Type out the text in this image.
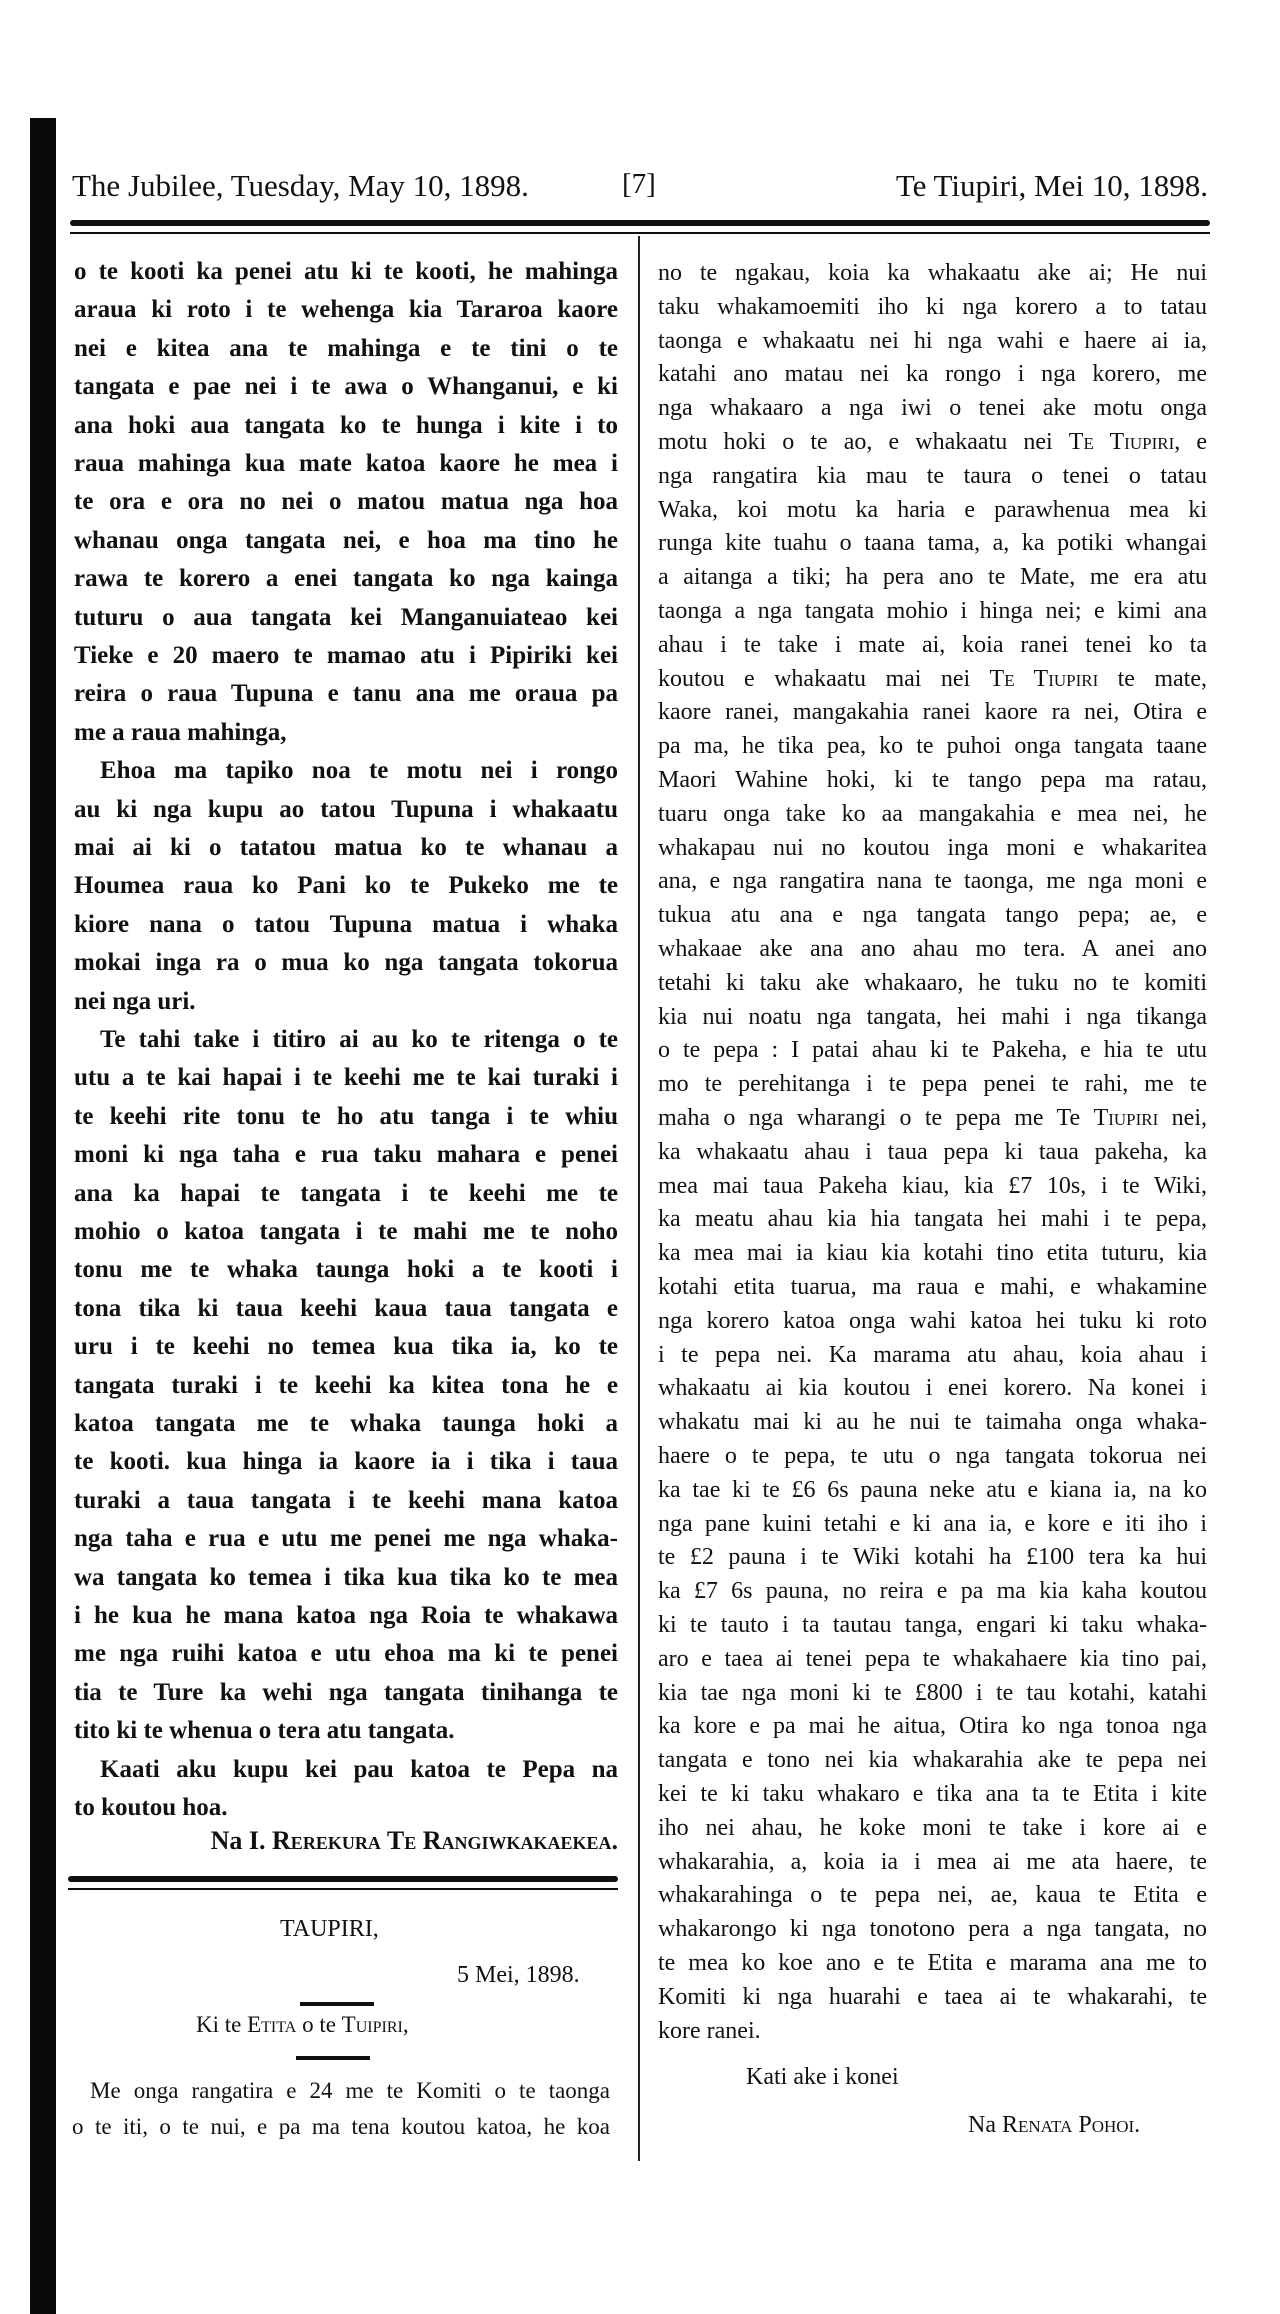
The Jubilee, Tuesday, May 10, 1898.	[7]	Te Tiupiri, Mei 10, 1898.
o te kooti ka penei atu ki te kooti, he mahinga
araua ki roto i te wehenga kia Tararoa kaore
nei e kitea ana te mahinga e te tini o te
tangata e pae nei i te awa o Whanganui, e ki
ana hoki aua tangata ko te hunga i kite i to
raua mahinga kua mate katoa kaore he mea i
te ora e ora no nei o matou matua nga hoa
whanau onga tangata nei, e hoa ma tino he
rawa te korero a enei tangata ko nga kainga
tuturu o aua tangata kei Manganuiateao kei
Tieke e 20 maero te mamao atu i Pipiriki kei
reira o raua Tupuna e tanu ana me oraua pa
me a raua mahinga,
Ehoa ma tapiko noa te motu nei i rongo
au ki nga kupu ao tatou Tupuna i whakaatu
mai ai ki o tatatou matua ko te whanau a
Houmea raua ko Pani ko te Pukeko me te
kiore nana o tatou Tupuna matua i whaka
mokai inga ra o mua ko nga tangata tokorua
nei nga uri.
Te tahi take i titiro ai au ko te ritenga o te
utu a te kai hapai i te keehi me te kai turaki i
te keehi rite tonu te ho atu tanga i te whiu
moni ki nga taha e rua taku mahara e penei
ana ka hapai te tangata i te keehi me te
mohio o katoa tangata i te mahi me te noho
tonu me te whaka taunga hoki a te kooti i
tona tika ki taua keehi kaua taua tangata e
uru i te keehi no temea kua tika ia, ko te
tangata turaki i te keehi ka kitea tona he e
katoa tangata me te whaka taunga hoki a
te kooti. kua hinga ia kaore ia i tika i taua
turaki a taua tangata i te keehi mana katoa
nga taha e rua e utu me penei me nga whaka-
wa tangata ko temea i tika kua tika ko te mea
i he kua he mana katoa nga Roia te whakawa
me nga ruihi katoa e utu ehoa ma ki te penei
tia te Ture ka wehi nga tangata tinihanga te
tito ki te whenua o tera atu tangata.
Kaati aku kupu kei pau katoa te Pepa na
to koutou hoa.
Na I. Rerekura Te Rangiwkakaekea.
TAUPIRI,
5 Mei, 1898.
Ki te Etita o te Tuipiri,
Me onga rangatira e 24 me te Komiti o te taonga
o te iti, o te nui, e pa ma tena koutou katoa, he koa
no te ngakau, koia ka whakaatu ake ai; He nui
taku whakamoemiti iho ki nga korero a to tatau
taonga e whakaatu nei hi nga wahi e haere ai ia,
katahi ano matau nei ka rongo i nga korero, me
nga whakaaro a nga iwi o tenei ake motu onga
motu hoki o te ao, e whakaatu nei Te Tiupiri, e
nga rangatira kia mau te taura o tenei o tatau
Waka, koi motu ka haria e parawhenua mea ki
runga kite tuahu o taana tama, a, ka potiki whangai
a aitanga a tiki; ha pera ano te Mate, me era atu
taonga a nga tangata mohio i hinga nei; e kimi ana
ahau i te take i mate ai, koia ranei tenei ko ta
koutou e whakaatu mai nei Te Tiupiri te mate,
kaore ranei, mangakahia ranei kaore ra nei, Otira e
pa ma, he tika pea, ko te puhoi onga tangata taane
Maori Wahine hoki, ki te tango pepa ma ratau,
tuaru onga take ko aa mangakahia e mea nei, he
whakapau nui no koutou inga moni e whakaritea
ana, e nga rangatira nana te taonga, me nga moni e
tukua atu ana e nga tangata tango pepa; ae, e
whakaae ake ana ano ahau mo tera. A anei ano
tetahi ki taku ake whakaaro, he tuku no te komiti
kia nui noatu nga tangata, hei mahi i nga tikanga
o te pepa : I patai ahau ki te Pakeha, e hia te utu
mo te perehitanga i te pepa penei te rahi, me te
maha o nga wharangi o te pepa me Te Tiupiri nei,
ka whakaatu ahau i taua pepa ki taua pakeha, ka
mea mai taua Pakeha kiau, kia £7 10s, i te Wiki,
ka meatu ahau kia hia tangata hei mahi i te pepa,
ka mea mai ia kiau kia kotahi tino etita tuturu, kia
kotahi etita tuarua, ma raua e mahi, e whakamine
nga korero katoa onga wahi katoa hei tuku ki roto
i te pepa nei. Ka marama atu ahau, koia ahau i
whakaatu ai kia koutou i enei korero. Na konei i
whakatu mai ki au he nui te taimaha onga whaka-
haere o te pepa, te utu o nga tangata tokorua nei
ka tae ki te £6 6s pauna neke atu e kiana ia, na ko
nga pane kuini tetahi e ki ana ia, e kore e iti iho i
te £2 pauna i te Wiki kotahi ha £100 tera ka hui
ka £7 6s pauna, no reira e pa ma kia kaha koutou
ki te tauto i ta tautau tanga, engari ki taku whaka-
aro e taea ai tenei pepa te whakahaere kia tino pai,
kia tae nga moni ki te £800 i te tau kotahi, katahi
ka kore e pa mai he aitua, Otira ko nga tonoa nga
tangata e tono nei kia whakarahia ake te pepa nei
kei te ki taku whakaro e tika ana ta te Etita i kite
iho nei ahau, he koke moni te take i kore ai e
whakarahia, a, koia ia i mea ai me ata haere, te
whakarahinga o te pepa nei, ae, kaua te Etita e
whakarongo ki nga tonotono pera a nga tangata, no
te mea ko koe ano e te Etita e marama ana me to
Komiti ki nga huarahi e taea ai te whakarahi, te
kore ranei.
Kati ake i konei
Na Renata Pohoi.
